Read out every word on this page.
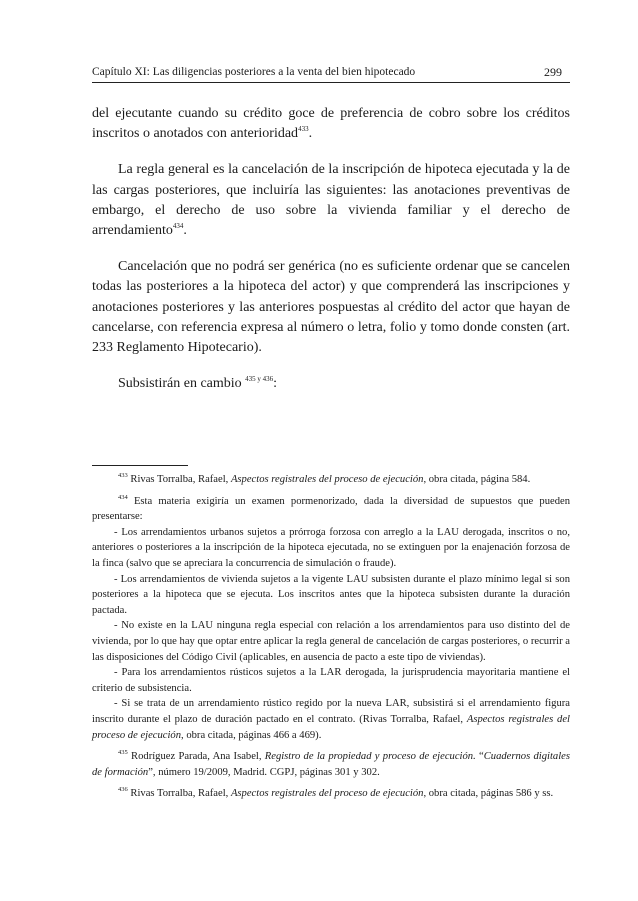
Capítulo XI: Las diligencias posteriores a la venta del bien hipotecado	299

del ejecutante cuando su crédito goce de preferencia de cobro sobre los créditos inscritos o anotados con anterioridad$^{433}$.

La regla general es la cancelación de la inscripción de hipoteca ejecutada y la de las cargas posteriores, que incluiría las siguientes: las anotaciones preventivas de embargo, el derecho de uso sobre la vivienda familiar y el derecho de arrendamiento$^{434}$.

Cancelación que no podrá ser genérica (no es suficiente ordenar que se cancelen todas las posteriores a la hipoteca del actor) y que comprenderá las inscripciones y anotaciones posteriores y las anteriores pospuestas al crédito del actor que hayan de cancelarse, con referencia expresa al número o letra, folio y tomo donde consten (art. 233 Reglamento Hipotecario).

Subsistirán en cambio $^{435 y 436}$:

$^{433}$ Rivas Torralba, Rafael, Aspectos registrales del proceso de ejecución, obra citada, página 584.

$^{434}$ Esta materia exigiría un examen pormenorizado, dada la diversidad de supuestos que pueden presentarse:

- Los arrendamientos urbanos sujetos a prórroga forzosa con arreglo a la LAU derogada, inscritos o no, anteriores o posteriores a la inscripción de la hipoteca ejecutada, no se extinguen por la enajenación forzosa de la finca (salvo que se apreciara la concurrencia de simulación o fraude).

- Los arrendamientos de vivienda sujetos a la vigente LAU subsisten durante el plazo mínimo legal si son posteriores a la hipoteca que se ejecuta. Los inscritos antes que la hipoteca subsisten durante la duración pactada.

- No existe en la LAU ninguna regla especial con relación a los arrendamientos para uso distinto del de vivienda, por lo que hay que optar entre aplicar la regla general de cancelación de cargas posteriores, o recurrir a las disposiciones del Código Civil (aplicables, en ausencia de pacto a este tipo de viviendas).

- Para los arrendamientos rústicos sujetos a la LAR derogada, la jurisprudencia mayoritaria mantiene el criterio de subsistencia.

- Si se trata de un arrendamiento rústico regido por la nueva LAR, subsistirá si el arrendamiento figura inscrito durante el plazo de duración pactado en el contrato. (Rivas Torralba, Rafael, Aspectos registrales del proceso de ejecución, obra citada, páginas 466 a 469).

$^{435}$ Rodríguez Parada, Ana Isabel, Registro de la propiedad y proceso de ejecución. “Cuadernos digitales de formación”, número 19/2009, Madrid. CGPJ, páginas 301 y 302.

$^{436}$ Rivas Torralba, Rafael, Aspectos registrales del proceso de ejecución, obra citada, páginas 586 y ss.
